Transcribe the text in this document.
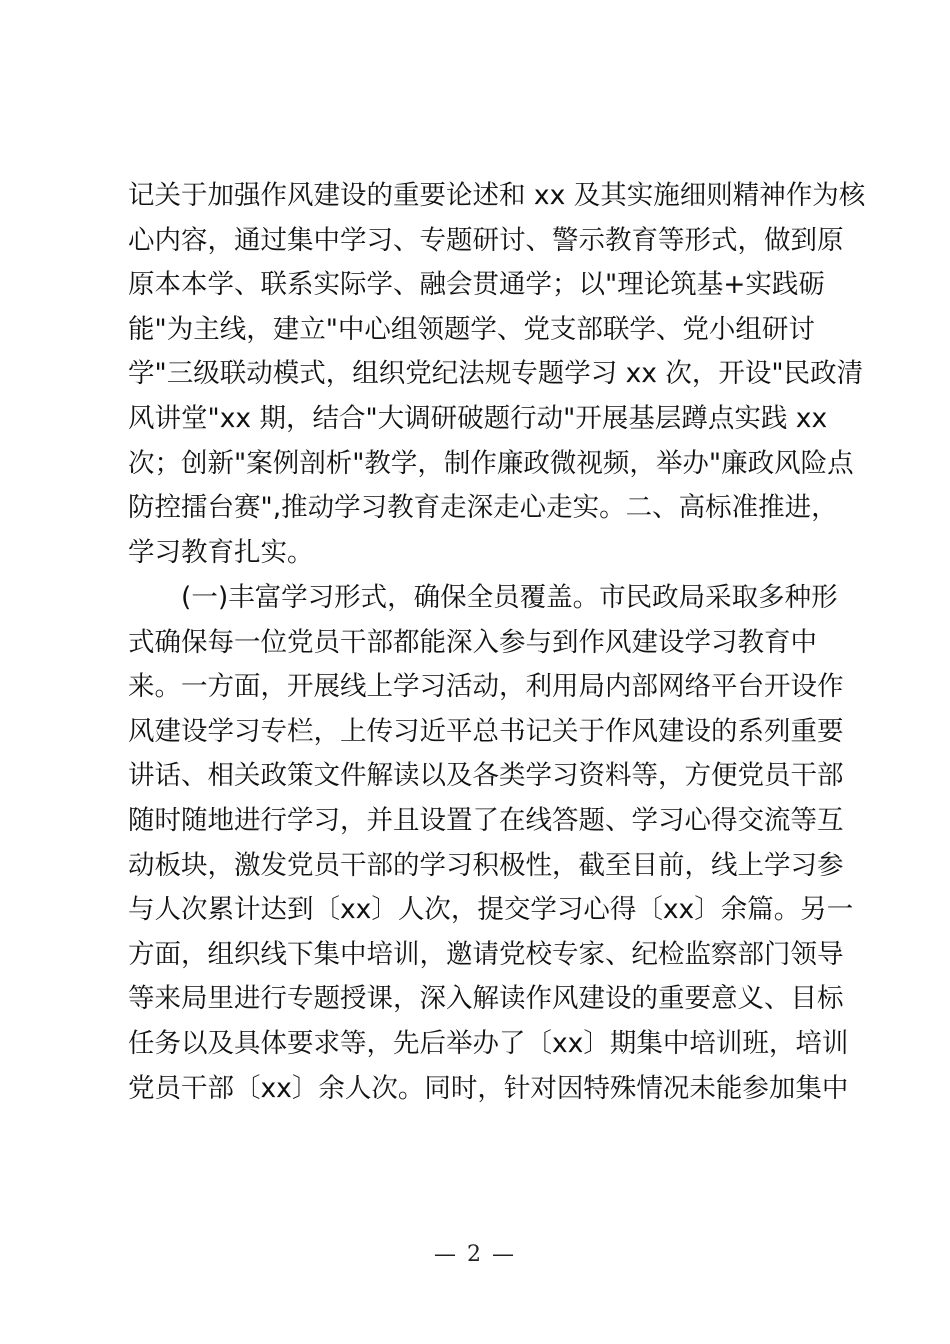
记关于加强作风建设的重要论述和 xx 及其实施细则精神作为核
心内容，通过集中学习、专题研讨、警示教育等形式，做到原
原本本学、联系实际学、融会贯通学；以"理论筑基+实践砺
能"为主线，建立"中心组领题学、党支部联学、党小组研讨
学"三级联动模式，组织党纪法规专题学习 xx 次，开设"民政清
风讲堂"xx 期，结合"大调研破题行动"开展基层蹲点实践 xx
次；创新"案例剖析"教学，制作廉政微视频，举办"廉政风险点
防控擂台赛",推动学习教育走深走心走实。二、高标准推进，
学习教育扎实。
　　(一)丰富学习形式，确保全员覆盖。市民政局采取多种形
式确保每一位党员干部都能深入参与到作风建设学习教育中
来。一方面，开展线上学习活动，利用局内部网络平台开设作
风建设学习专栏，上传习近平总书记关于作风建设的系列重要
讲话、相关政策文件解读以及各类学习资料等，方便党员干部
随时随地进行学习，并且设置了在线答题、学习心得交流等互
动板块，激发党员干部的学习积极性，截至目前，线上学习参
与人次累计达到〔xx〕人次，提交学习心得〔xx〕余篇。另一
方面，组织线下集中培训，邀请党校专家、纪检监察部门领导
等来局里进行专题授课，深入解读作风建设的重要意义、目标
任务以及具体要求等，先后举办了〔xx〕期集中培训班，培训
党员干部〔xx〕余人次。同时，针对因特殊情况未能参加集中
— 2 —
